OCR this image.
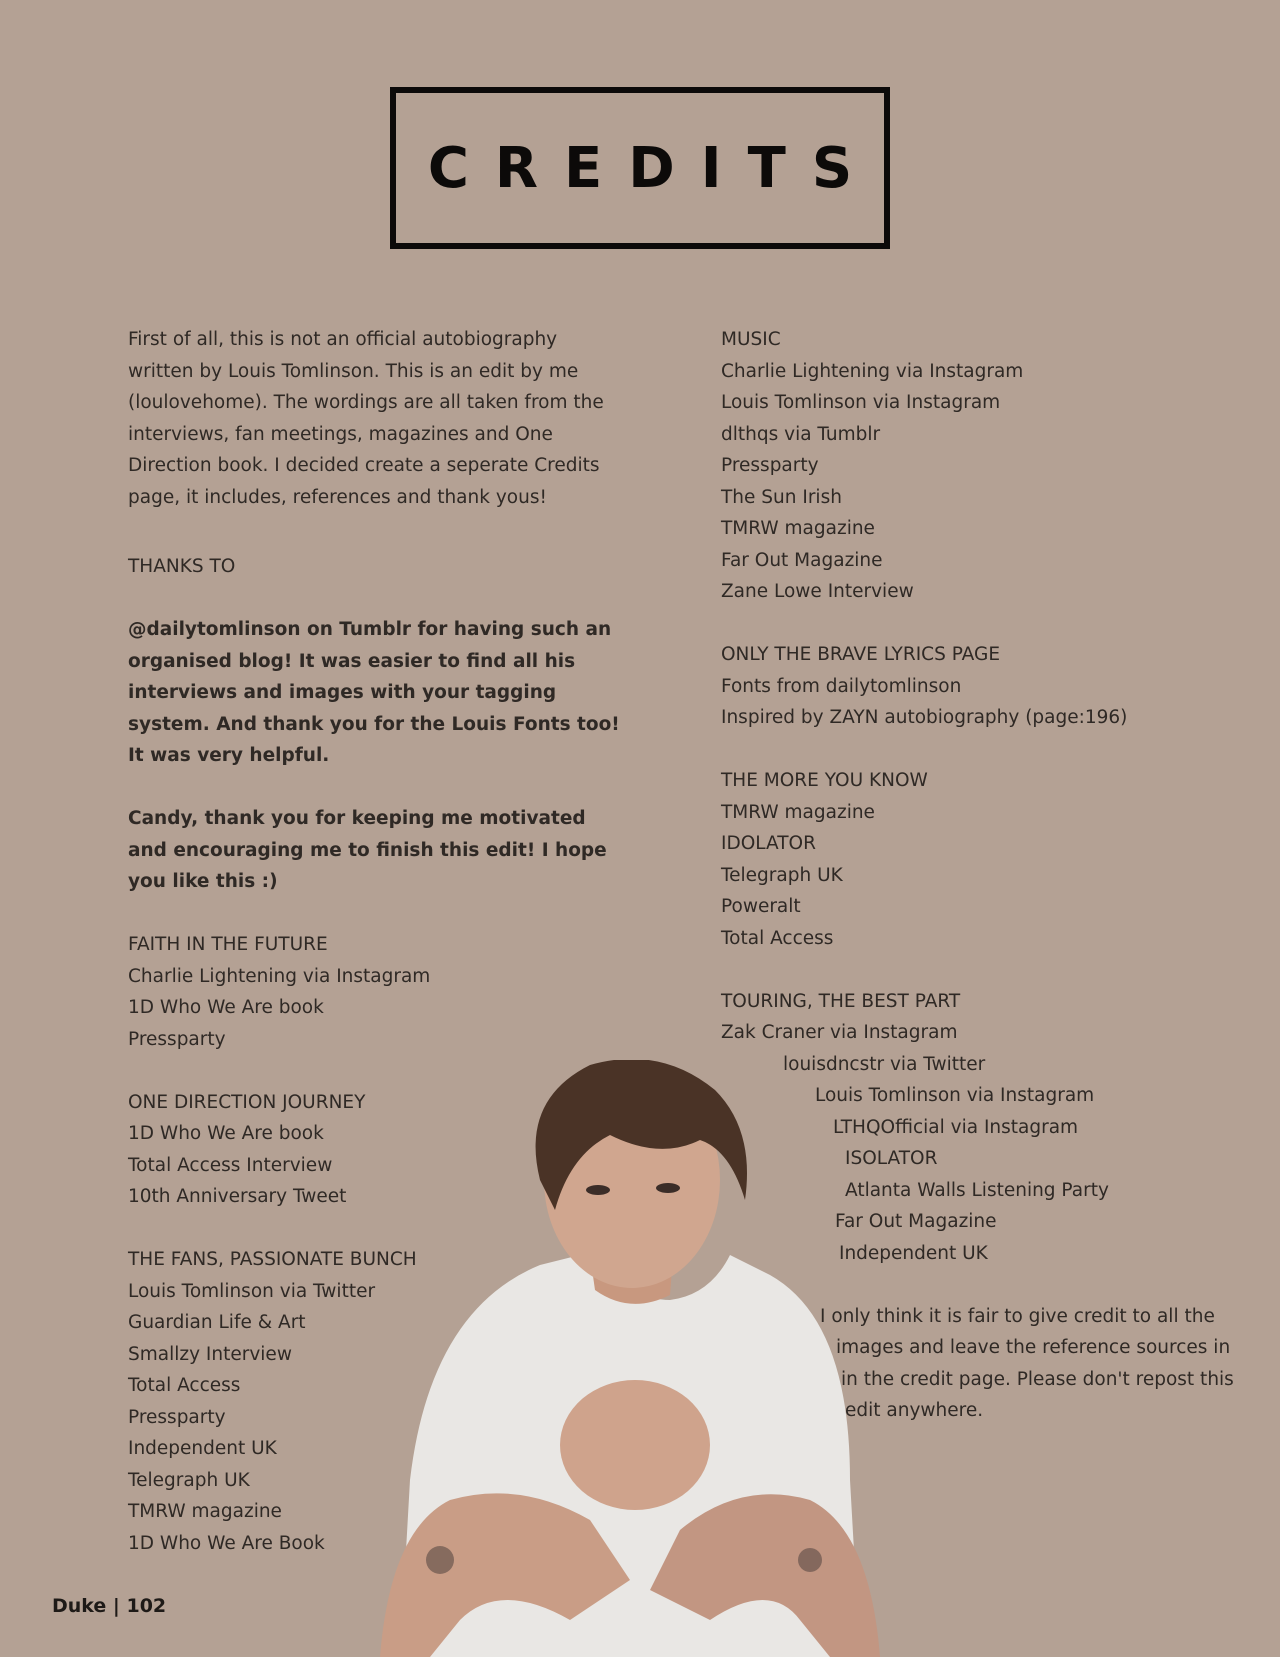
CREDITS

First of all, this is not an official autobiography written by Louis Tomlinson. This is an edit by me (loulovehome). The wordings are all taken from the interviews, fan meetings, magazines and One Direction book. I decided create a seperate Credits page, it includes, references and thank yous!

THANKS TO

@dailytomlinson on Tumblr for having such an organised blog! It was easier to find all his interviews and images with your tagging system. And thank you for the Louis Fonts too! It was very helpful.

Candy, thank you for keeping me motivated and encouraging me to finish this edit! I hope you like this :)

FAITH IN THE FUTURE
Charlie Lightening via Instagram
1D Who We Are book
Pressparty
ONE DIRECTION JOURNEY
1D Who We Are book
Total Access Interview
10th Anniversary Tweet
THE FANS, PASSIONATE BUNCH
Louis Tomlinson via Twitter
Guardian Life & Art
Smallzy Interview
Total Access
Pressparty
Independent UK
Telegraph UK
TMRW magazine
1D Who We Are Book
MUSIC
Charlie Lightening via Instagram
Louis Tomlinson via Instagram
dlthqs via Tumblr
Pressparty
The Sun Irish
TMRW magazine
Far Out Magazine
Zane Lowe Interview
ONLY THE BRAVE LYRICS PAGE
Fonts from dailytomlinson
Inspired by ZAYN autobiography (page:196)
THE MORE YOU KNOW
TMRW magazine
IDOLATOR
Telegraph UK
Poweralt
Total Access
TOURING, THE BEST PART
Zak Craner via Instagram
louisdncstr via Twitter
Louis Tomlinson via Instagram
LTHQOfficial via Instagram
ISOLATOR
Atlanta Walls Listening Party
Far Out Magazine
Independent UK
I only think it is fair to give credit to all the
images and leave the reference sources in
in the credit page. Please don't repost this
edit anywhere.
Duke | 102
